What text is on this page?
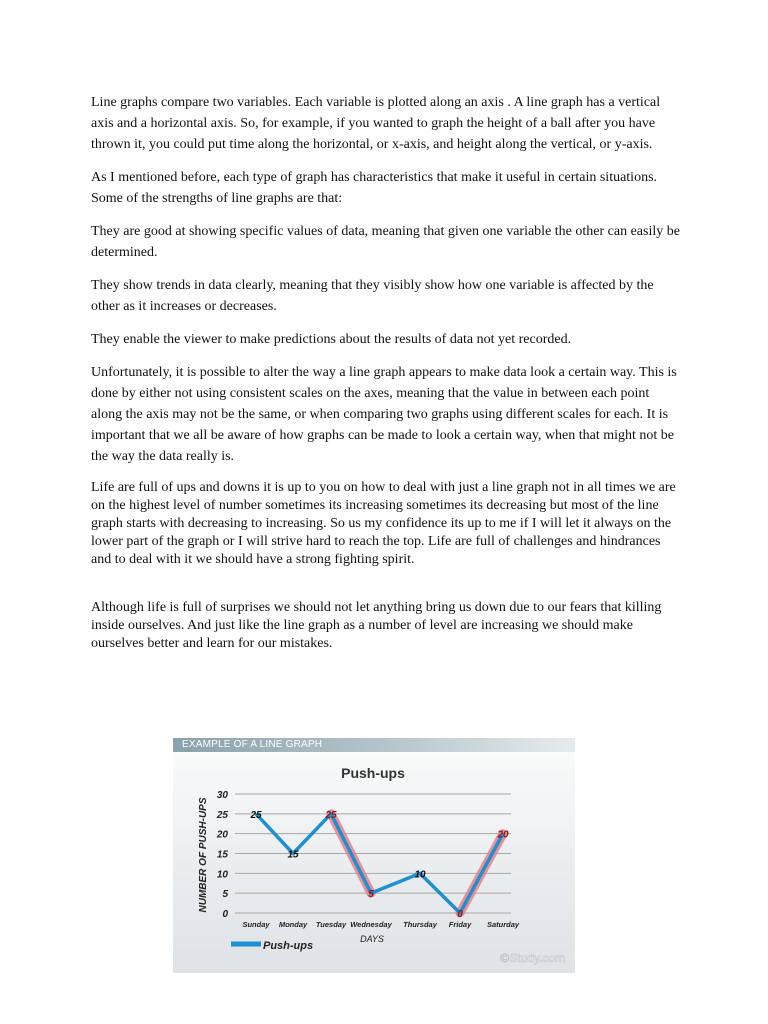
Line graphs compare two variables. Each variable is plotted along an axis . A line graph has a vertical axis and a horizontal axis. So, for example, if you wanted to graph the height of a ball after you have thrown it, you could put time along the horizontal, or x-axis, and height along the vertical, or y-axis.

As I mentioned before, each type of graph has characteristics that make it useful in certain situations. Some of the strengths of line graphs are that:

They are good at showing specific values of data, meaning that given one variable the other can easily be determined.

They show trends in data clearly, meaning that they visibly show how one variable is affected by the other as it increases or decreases.

They enable the viewer to make predictions about the results of data not yet recorded.

Unfortunately, it is possible to alter the way a line graph appears to make data look a certain way. This is done by either not using consistent scales on the axes, meaning that the value in between each point along the axis may not be the same, or when comparing two graphs using different scales for each. It is important that we all be aware of how graphs can be made to look a certain way, when that might not be the way the data really is.

Life are full of ups and downs it is up to you on how to deal with just a line graph not in all times we are on the highest level of number sometimes its increasing sometimes its decreasing but most of the line graph starts with decreasing to increasing. So us my confidence its up to me if I will let it always on the lower part of the graph or I will strive hard to reach the top. Life are full of challenges and hindrances and to deal with it we should have a strong fighting spirit.

Although life is full of surprises we should not let anything bring us down due to our fears that killing inside ourselves. And just like the line graph as a number of level are increasing we should make ourselves better and learn for our mistakes.

EXAMPLE OF A LINE GRAPH
Push-ups
NUMBER OF PUSH-UPS
0
5
10
15
20
25
30
25
15
25
5
10
0
20
Sunday Monday Tuesday Wednesday Thursday Friday Saturday
DAYS
Push-ups
©Study.com
